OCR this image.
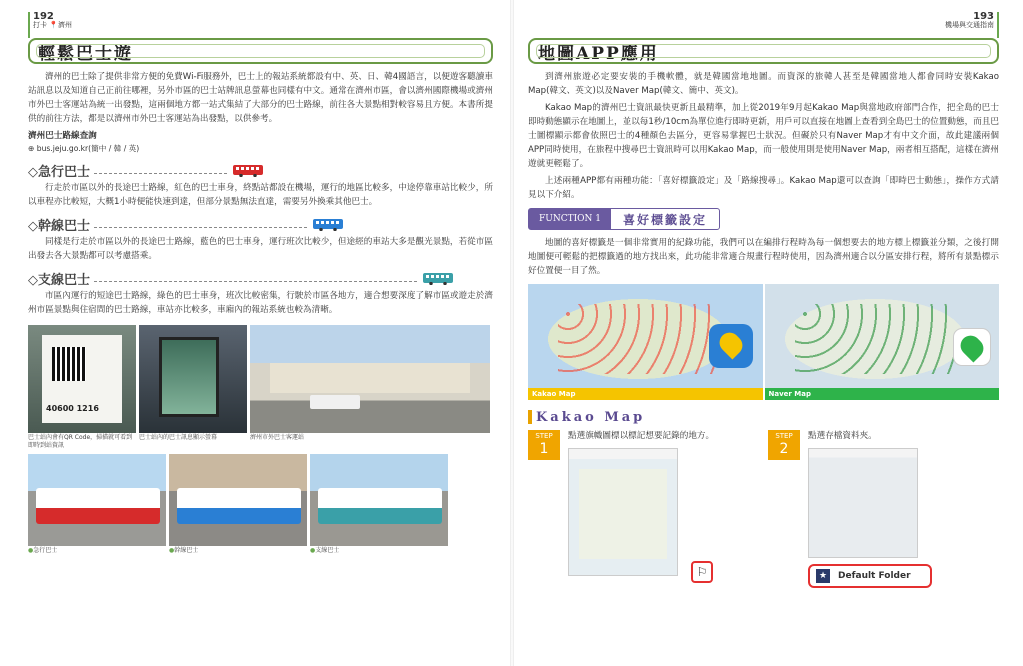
192
打卡 📍濟州
輕鬆巴士遊

濟州的巴士除了提供非常方便的免費Wi-Fi服務外，巴士上的報站系統都設有中、英、日、韓4國語言，以便遊客聽讀車站訊息以及知道自己正前往哪裡，另外市區的巴士站牌訊息螢幕也同樣有中文。通常在濟州市區，會以濟州國際機場或濟州市外巴士客運站為統一出發點，這兩個地方都一站式集結了大部分的巴士路線，前往各大景點相對較容易且方便。本書所提供的前往方法，都是以濟州市外巴士客運站為出發點，以供參考。

濟州巴士路線查詢
⊕ bus.jeju.go.kr(簡中 / 韓 / 英)
◇急行巴士

行走於市區以外的長途巴士路線，紅色的巴士車身，終點站都設在機場，運行的地區比較多，中途停靠車站比較少，所以車程亦比較短，大概1小時便能快速到達，但部分景點無法直達，需要另外換乘其他巴士。

◇幹線巴士

同樣是行走於市區以外的長途巴士路線，藍色的巴士車身，運行班次比較少，但途經的車站大多是觀光景點，若從市區出發去各大景點都可以考慮搭乘。

◇支線巴士

市區內運行的短途巴士路線，綠色的巴士車身，班次比較密集，行駛於市區各地方，適合想要深度了解市區或遊走於濟州市區景點與住宿間的巴士路線，車站亦比較多，車廂內的報站系統也較為清晰。

40600 1216
巴士站內會有QR Code，掃描就可看到即時到站資訊
巴士站內的巴士訊息顯示螢幕	濟州市外巴士客運站
●急行巴士	●幹線巴士	●支線巴士
193
機場與交通指南
地圖APP應用

到濟州旅遊必定要安裝的手機軟體，就是韓國當地地圖。而資深的旅韓人甚至是韓國當地人都會同時安裝Kakao Map(韓文、英文)以及Naver Map(韓文、簡中、英文)。

Kakao Map的濟州巴士資訊最快更新且最精準，加上從2019年9月起Kakao Map與當地政府部門合作，把全島的巴士即時動態顯示在地圖上，並以每1秒/10cm為單位進行即時更新，用戶可以直接在地圖上查看到全島巴士的位置動態，而且巴士圖標顯示都會依照巴士的4種顏色去區分，更容易掌握巴士狀況。但礙於只有Naver Map才有中文介面，故此建議兩個APP同時使用，在旅程中搜尋巴士資訊時可以用Kakao Map，而一般使用則是使用Naver Map，兩者相互搭配，這樣在濟州遊就更輕鬆了。

上述兩種APP都有兩種功能：「喜好標籤設定」及「路線搜尋」。Kakao Map還可以查詢「即時巴士動態」，操作方式請見以下介紹。

FUNCTION 1	喜好標籤設定

地圖的喜好標籤是一個非常實用的紀錄功能，我們可以在編排行程時為每一個想要去的地方標上標籤並分類，之後打開地圖便可輕鬆的把標籤過的地方找出來，此功能非常適合規畫行程時使用，因為濟州適合以分區安排行程，將所有景點標示好位置便一目了然。

Kakao Map	Naver Map
Kakao Map
STEP
1
點選旗幟圖標以標記想要記錄的地方。
⚐
STEP
2
點選存檔資料夾。
★	Default Folder
